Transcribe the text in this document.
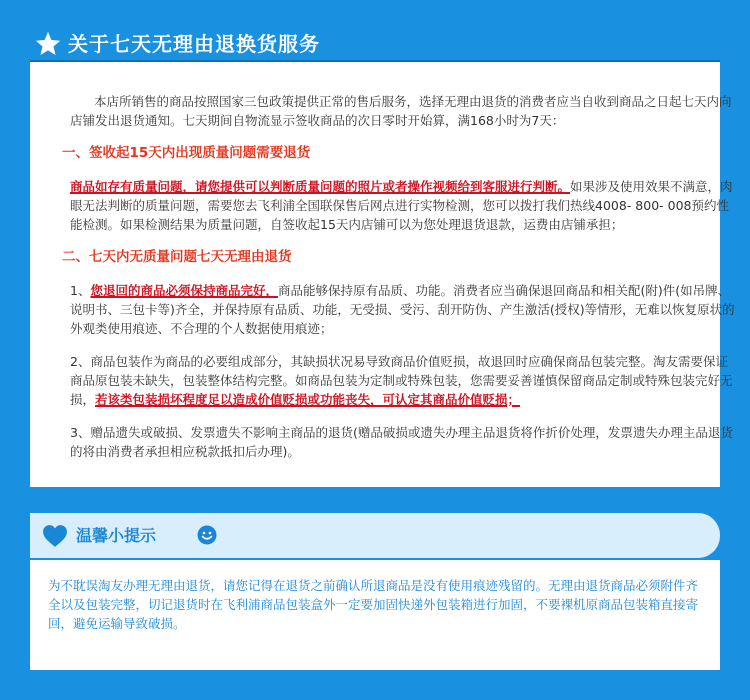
关于七天无理由退换货服务

本店所销售的商品按照国家三包政策提供正常的售后服务，选择无理由退货的消费者应当自收到商品之日起七天内向店铺发出退货通知。七天期间自物流显示签收商品的次日零时开始算，满168小时为7天：

一、签收起15天内出现质量问题需要退货

商品如存有质量问题，请您提供可以判断质量问题的照片或者操作视频给到客服进行判断。如果涉及使用效果不满意，肉眼无法判断的质量问题，需要您去飞利浦全国联保售后网点进行实物检测，您可以拨打我们热线4008- 800- 008预约性能检测。如果检测结果为质量问题，自签收起15天内店铺可以为您处理退货退款，运费由店铺承担；

二、七天内无质量问题七天无理由退货

1、您退回的商品必须保持商品完好，商品能够保持原有品质、功能。消费者应当确保退回商品和相关配(附)件(如吊牌、说明书、三包卡等)齐全，并保持原有品质、功能，无受损、受污、刮开防伪、产生激活(授权)等情形，无难以恢复原状的外观类使用痕迹、不合理的个人数据使用痕迹；

2、商品包装作为商品的必要组成部分，其缺损状况易导致商品价值贬损，故退回时应确保商品包装完整。淘友需要保证商品原包装未缺失，包装整体结构完整。如商品包装为定制或特殊包装，您需要妥善谨慎保留商品定制或特殊包装完好无损，若该类包装损坏程度足以造成价值贬损或功能丧失，可认定其商品价值贬损；

3、赠品遗失或破损、发票遗失不影响主商品的退货(赠品破损或遗失办理主品退货将作折价处理，发票遗失办理主品退货的将由消费者承担相应税款抵扣后办理)。

温馨小提示
为不耽误淘友办理无理由退货，请您记得在退货之前确认所退商品是没有使用痕迹残留的。无理由退货商品必须附件齐全以及包装完整，切记退货时在飞利浦商品包装盒外一定要加固快递外包装箱进行加固，不要裸机原商品包装箱直接寄回，避免运输导致破损。
